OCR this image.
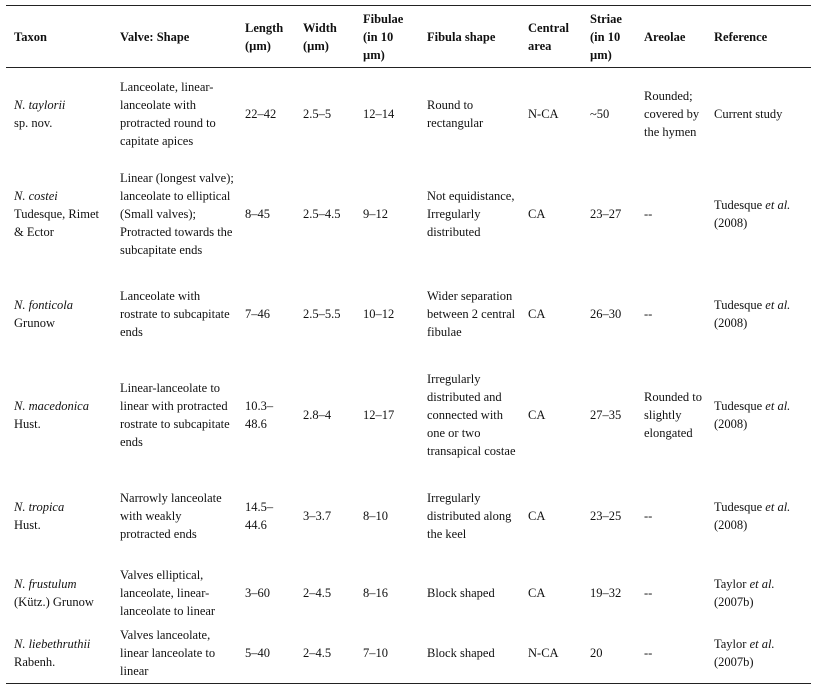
Taxon	Valve: Shape	Length (µm)	Width (µm)	Fibulae (in 10 µm)	Fibula shape	Central area	Striae (in 10 µm)	Areolae	Reference
N. taylorii
sp. nov.	Lanceolate, linear-lanceolate with protracted round to capitate apices	22–42	2.5–5	12–14	Round to rectangular	N-CA	~50	Rounded; covered by the hymen	Current study

N. costei
Tudesque, Rimet & Ector	Linear (longest valve); lanceolate to elliptical (Small valves); Protracted towards the subcapitate ends	8–45	2.5–4.5	9–12	Not equidistance, Irregularly distributed	CA	23–27	--	Tudesque et al.
(2008)
N. fonticola
Grunow	Lanceolate with rostrate to subcapitate ends	7–46	2.5–5.5	10–12	Wider separation between 2 central fibulae	CA	26–30	--	Tudesque et al.
(2008)
N. macedonica
Hust.	Linear-lanceolate to linear with protracted rostrate to subcapitate ends	10.3–48.6	2.8–4	12–17	Irregularly distributed and connected with one or two transapical costae	CA	27–35	Rounded to slightly elongated	Tudesque et al.
(2008)
N. tropica
Hust.	Narrowly lanceolate with weakly protracted ends	14.5–44.6	3–3.7	8–10	Irregularly distributed along the keel	CA	23–25	--	Tudesque et al.
(2008)
N. frustulum
(Kütz.) Grunow	Valves elliptical, lanceolate, linear-lanceolate to linear	3–60	2–4.5	8–16	Block shaped	CA	19–32	--	Taylor et al.
(2007b)
N. liebethruthii
Rabenh.	Valves lanceolate, linear lanceolate to linear	5–40	2–4.5	7–10	Block shaped	N-CA	20	--	Taylor et al.
(2007b)
